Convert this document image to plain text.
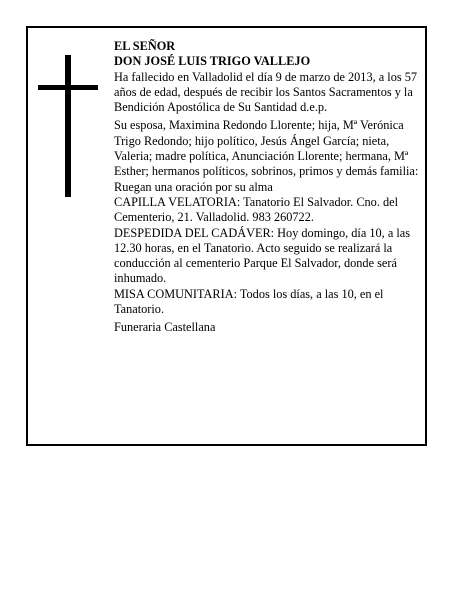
EL SEÑOR

DON JOSÉ LUIS TRIGO VALLEJO

Ha fallecido en Valladolid el día 9 de marzo de 2013, a los 57 años de edad, después de recibir los Santos Sacramentos y la Bendición Apostólica de Su Santidad d.e.p.

Su esposa, Maximina Redondo Llorente; hija, Mª Verónica Trigo Redondo; hijo político, Jesús Ángel García; nieta, Valeria; madre política, Anunciación Llorente; hermana, Mª Esther; hermanos políticos, sobrinos, primos y demás familia:

Ruegan una oración por su alma

CAPILLA VELATORIA: Tanatorio El Salvador. Cno. del Cementerio, 21. Valladolid. 983 260722.

DESPEDIDA DEL CADÁVER: Hoy domingo, día 10, a las 12.30 horas, en el Tanatorio. Acto seguido se realizará la conducción al cementerio Parque El Salvador, donde será inhumado.

MISA COMUNITARIA: Todos los días, a las 10, en el Tanatorio.

Funeraria Castellana
